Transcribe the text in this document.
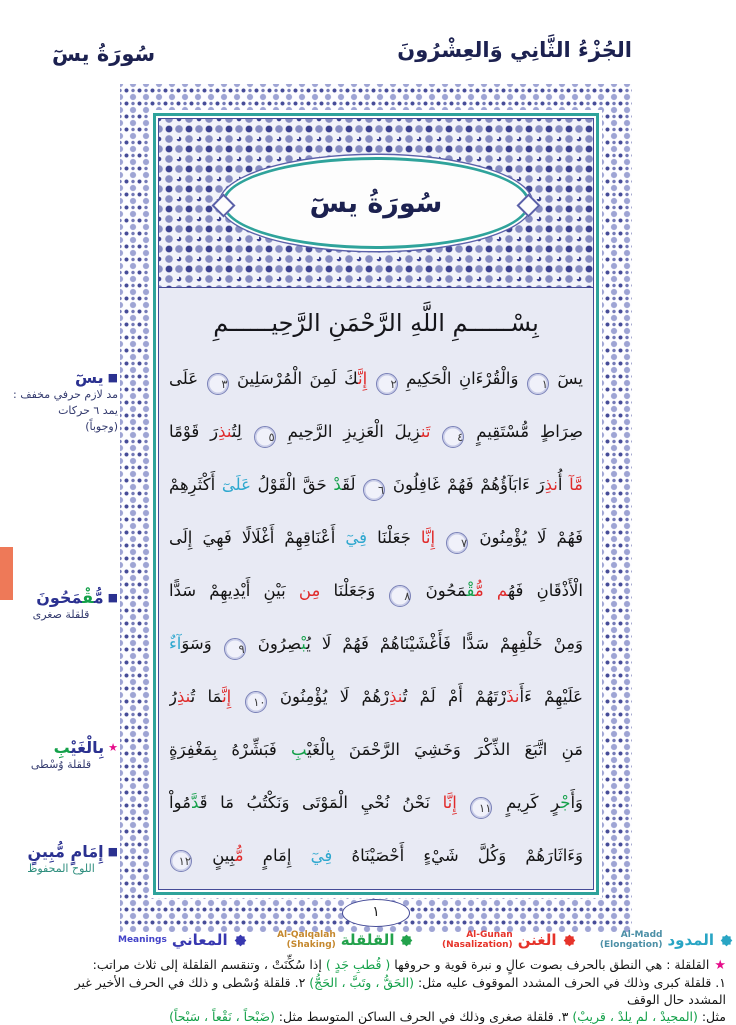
الجُزْءُ الثَّانِي وَالعِشْرُونَ
سُورَةُ يسٓ
■يسٓ
مد لازم حرفي مخفف :
يمد ٦ حركات
(وجوباً)
■مُّ‍‍قْ‍‍مَحُونَ
قلقلة صغرى
★بِالْغَيْ‍‍بِ
قلقلة وُسْطى
■إِمَامٍ مُّبِينٍ
اللوح المحفوظ
سُورَةُ يسٓ
بِسْــــــمِ اللَّهِ الرَّحْمَنِ الرَّحِيــــــمِ
يسٓ ١ وَالْقُرْءَانِ الْحَكِيمِ ٢ إِنَّ‍‍كَ لَمِنَ الْمُرْسَلِينَ ٣ عَلَى
صِرَاطٍ مُّسْتَقِيمٍ ٤ تَن‍‍زِيلَ الْعَزِيزِ الرَّحِيمِ ٥ لِتُ‍‍نذِرَ قَوْمًا
مَّآ أُنذِرَ ءَابَآؤُهُمْ فَهُمْ غَافِلُونَ ٦ لَقَ‍‍دْ حَقَّ الْقَوْلُ عَلَىٓ أَكْثَرِهِمْ
فَهُمْ لَا يُؤْمِنُونَ ٧ إِنَّا جَعَلْنَا فِيٓ أَعْنَاقِهِمْ أَغْلَالًا فَهِيَ إِلَى
الْأَذْقَانِ فَهُ‍‍م مُّ‍‍قْ‍‍مَحُونَ ٨ وَجَعَلْنَا مِن بَيْنِ أَيْدِيهِمْ سَدًّا
وَمِنْ خَلْفِهِمْ سَدًّا فَأَغْشَيْنَاهُمْ فَهُمْ لَا يُ‍‍بْ‍‍صِرُونَ ٩ وَسَوَآءٌ
عَلَيْهِمْ ءَأَنذَرْتَهُمْ أَمْ لَمْ تُ‍‍نذِرْهُمْ لَا يُؤْمِنُونَ ١٠ إِنَّ‍‍مَا تُ‍‍نذِرُ
مَنِ اتَّبَعَ الذِّكْرَ وَخَشِيَ الرَّحْمَنَ بِالْغَيْ‍‍بِ فَبَشِّرْهُ بِمَغْفِرَةٍ
وَأَجْ‍‍رٍ كَرِيمٍ ١١ إِنَّا نَحْنُ نُحْيِ الْمَوْتَى وَنَكْتُبُ مَا قَ‍‍دَّمُواْ
وَءَاثَارَهُمْ وَكُلَّ شَيْءٍ أَحْصَيْنَاهُ فِيٓ إِمَامٍ مُّ‍‍بِينٍ ١٢
١
المدود
Al-Madd (Elongation)
الغنن
Al-Gunan (Nasalization)
القلقلة
Al-Qalqalah (Shaking)
المعاني
Meanings
★القلقلة : هي النطق بالحرف بصوت عالٍ و نبرة قوية و حروفها ( قُطبِ جَدٍ ) إذا سُكِّنَتْ ، وتنقسم القلقلة إلى ثلاث مراتب:
١. قلقلة كبرى وذلك في الحرف المشدد الموقوف عليه مثل: (الحَقُّ ، وتَبَّ ، الحَجُّ) ٢. قلقلة وُسْطى و ذلك في الحرف الأخير غير المشدد حال الوقف
مثل: (المجيدْ ، لم يلدْ ، قريبْ) ٣. قلقلة صغرى وذلك في الحرف الساكن المتوسط مثل: (ضَبْحاً ، نَقْعاً ، سَبْحاً)
